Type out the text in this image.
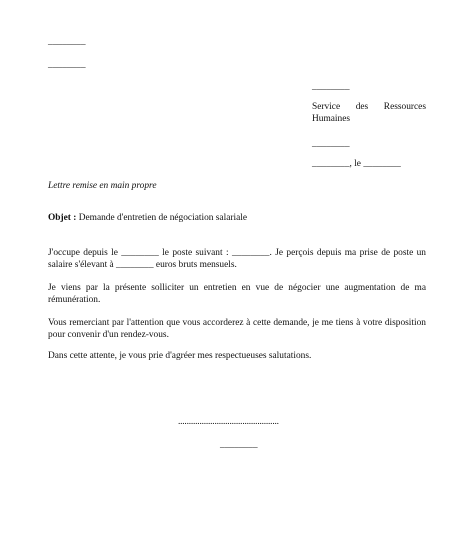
________
________
________
Service des Ressources Humaines
________
________, le ________
Lettre remise en main propre
Objet : Demande d'entretien de négociation salariale
J'occupe depuis le ________ le poste suivant : ________. Je perçois depuis ma prise de poste un salaire s'élevant à ________ euros bruts mensuels.
Je viens par la présente solliciter un entretien en vue de négocier une augmentation de ma rémunération.
Vous remerciant par l'attention que vous accorderez à cette demande, je me tiens à votre disposition pour convenir d'un rendez-vous.
Dans cette attente, je vous prie d'agréer mes respectueuses salutations.
...............................................
________
